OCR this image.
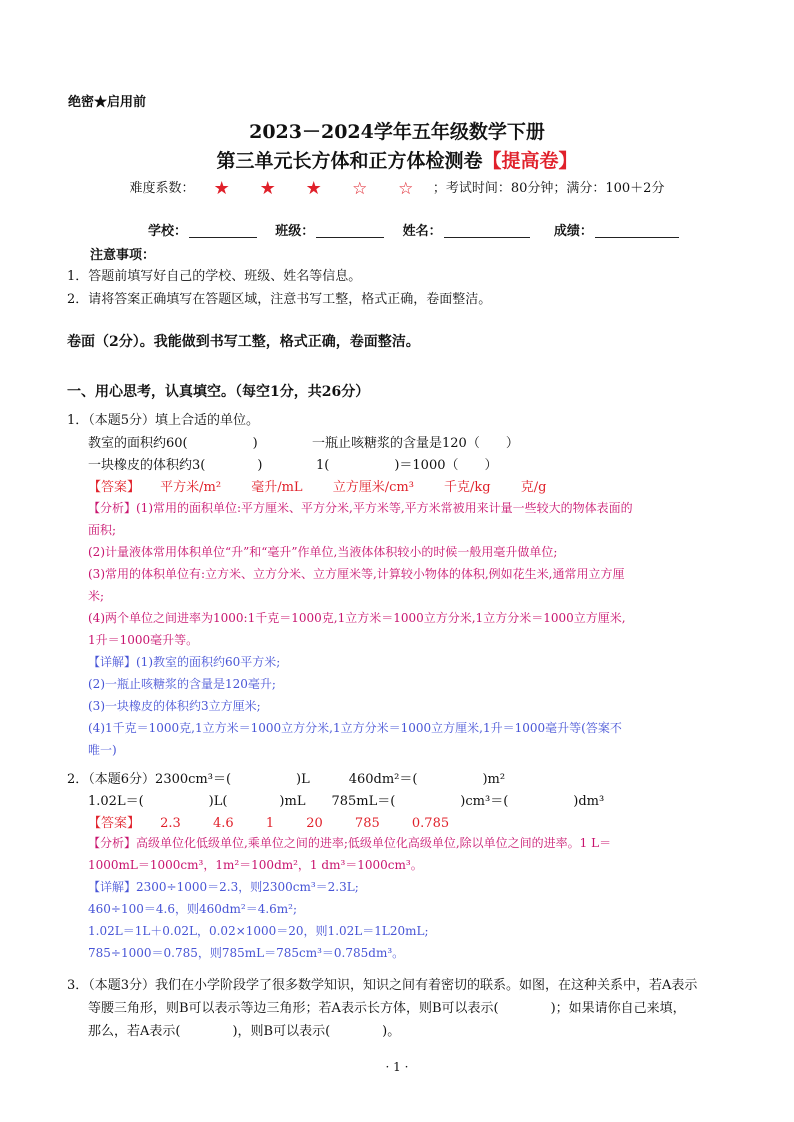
绝密★启用前
2023－2024学年五年级数学下册
第三单元长方体和正方体检测卷【提高卷】
难度系数： ★ ★ ★ ☆ ☆ ；考试时间：80分钟；满分：100＋2分
学校：	班级：	姓名：	成绩：
注意事项：
1．答题前填写好自己的学校、班级、姓名等信息。
2．请将答案正确填写在答题区域，注意书写工整，格式正确，卷面整洁。
卷面（2分）。我能做到书写工整，格式正确，卷面整洁。
一、用心思考，认真填空。（每空1分，共26分）
1．（本题5分）填上合适的单位。
教室的面积约60(　　　　　)	一瓶止咳糖浆的含量是120（　　）
一块橡皮的体积约3(　　　　)	1(　　　　　)＝1000（　　）
【答案】 平方米/m² 毫升/mL 立方厘米/cm³ 千克/kg 克/g
【分析】(1)常用的面积单位:平方厘米、平方分米,平方米等,平方米常被用来计量一些较大的物体表面的
面积;
(2)计量液体常用体积单位“升”和“毫升”作单位,当液体体积较小的时候一般用毫升做单位;
(3)常用的体积单位有:立方米、立方分米、立方厘米等,计算较小物体的体积,例如花生米,通常用立方厘
米;
(4)两个单位之间进率为1000:1千克＝1000克,1立方米＝1000立方分米,1立方分米＝1000立方厘米,
1升＝1000毫升等。
【详解】(1)教室的面积约60平方米;
(2)一瓶止咳糖浆的含量是120毫升;
(3)一块橡皮的体积约3立方厘米;
(4)1千克＝1000克,1立方米＝1000立方分米,1立方分米＝1000立方厘米,1升＝1000毫升等(答案不
唯一)
2．（本题6分）2300cm³＝(　　　　　)L　　　460dm²＝(　　　　　)m²
1.02L＝(　　　　　)L(　　　　)mL　　785mL＝(　　　　　)cm³＝(　　　　　)dm³
【答案】 2.3 4.6 1 20 785 0.785
【分析】高级单位化低级单位,乘单位之间的进率;低级单位化高级单位,除以单位之间的进率。1 L＝
1000mL＝1000cm³，1m²＝100dm²，1 dm³＝1000cm³。
【详解】2300÷1000＝2.3，则2300cm³＝2.3L;
460÷100＝4.6，则460dm²＝4.6m²;
1.02L＝1L＋0.02L，0.02×1000＝20，则1.02L＝1L20mL;
785÷1000＝0.785，则785mL＝785cm³＝0.785dm³。
3．（本题3分）我们在小学阶段学了很多数学知识，知识之间有着密切的联系。如图，在这种关系中，若A表示
等腰三角形，则B可以表示等边三角形；若A表示长方体，则B可以表示(　　　　)；如果请你自己来填，
那么，若A表示(　　　　)，则B可以表示(　　　　)。
· 1 ·
